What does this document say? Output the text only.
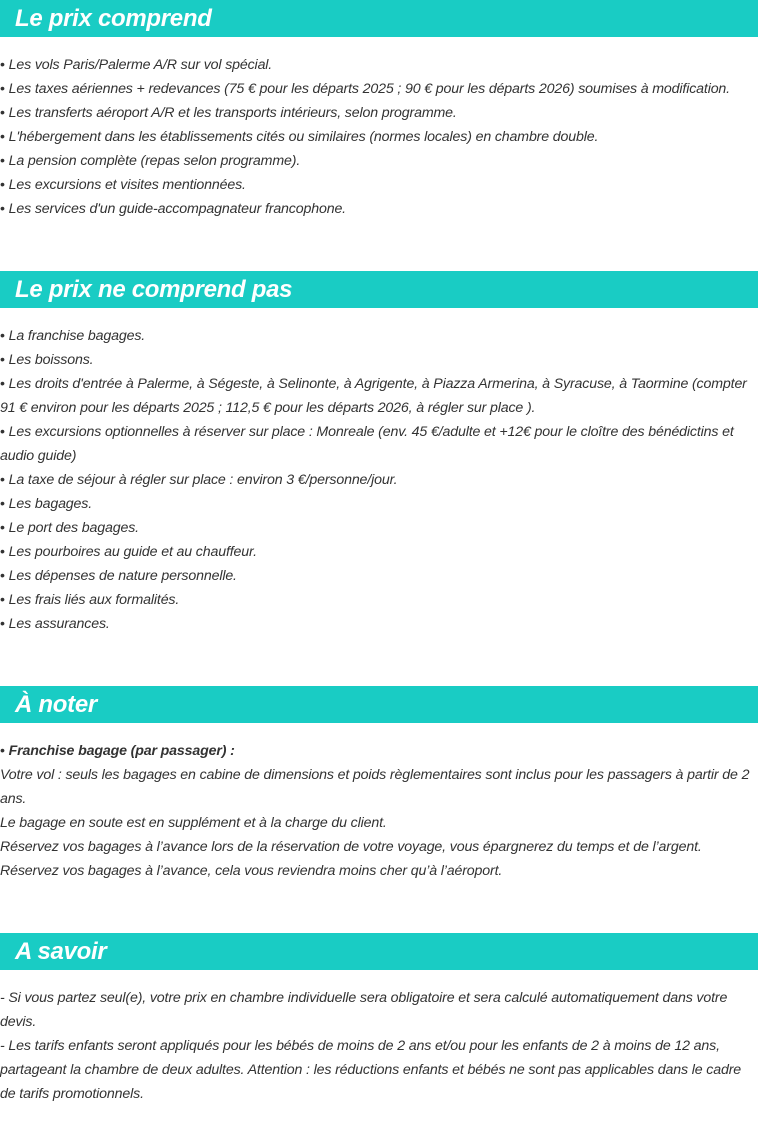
Le prix comprend

• Les vols Paris/Palerme A/R sur vol spécial.

• Les taxes aériennes + redevances (75 € pour les départs 2025 ; 90 € pour les départs 2026) soumises à modification.

• Les transferts aéroport A/R et les transports intérieurs, selon programme.

• L'hébergement dans les établissements cités ou similaires (normes locales) en chambre double.

• La pension complète (repas selon programme).

• Les excursions et visites mentionnées.

• Les services d'un guide-accompagnateur francophone.

Le prix ne comprend pas

• La franchise bagages.

• Les boissons.

• Les droits d'entrée à Palerme, à Ségeste, à Selinonte, à Agrigente, à Piazza Armerina, à Syracuse, à Taormine (compter 91 € environ pour les départs 2025 ; 112,5 € pour les départs 2026, à régler sur place ).

• Les excursions optionnelles à réserver sur place : Monreale (env. 45 €/adulte et +12€ pour le cloître des bénédictins et audio guide)

• La taxe de séjour à régler sur place : environ 3 €/personne/jour.

• Les bagages.

• Le port des bagages.

• Les pourboires au guide et au chauffeur.

• Les dépenses de nature personnelle.

• Les frais liés aux formalités.

• Les assurances.

À noter

• Franchise bagage (par passager) :

Votre vol : seuls les bagages en cabine de dimensions et poids règlementaires sont inclus pour les passagers à partir de 2 ans.

Le bagage en soute est en supplément et à la charge du client.

Réservez vos bagages à l’avance lors de la réservation de votre voyage, vous épargnerez du temps et de l’argent.

Réservez vos bagages à l’avance, cela vous reviendra moins cher qu’à l’aéroport.

A savoir

- Si vous partez seul(e), votre prix en chambre individuelle sera obligatoire et sera calculé automatiquement dans votre devis.

- Les tarifs enfants seront appliqués pour les bébés de moins de 2 ans et/ou pour les enfants de 2 à moins de 12 ans, partageant la chambre de deux adultes. Attention : les réductions enfants et bébés ne sont pas applicables dans le cadre de tarifs promotionnels.
